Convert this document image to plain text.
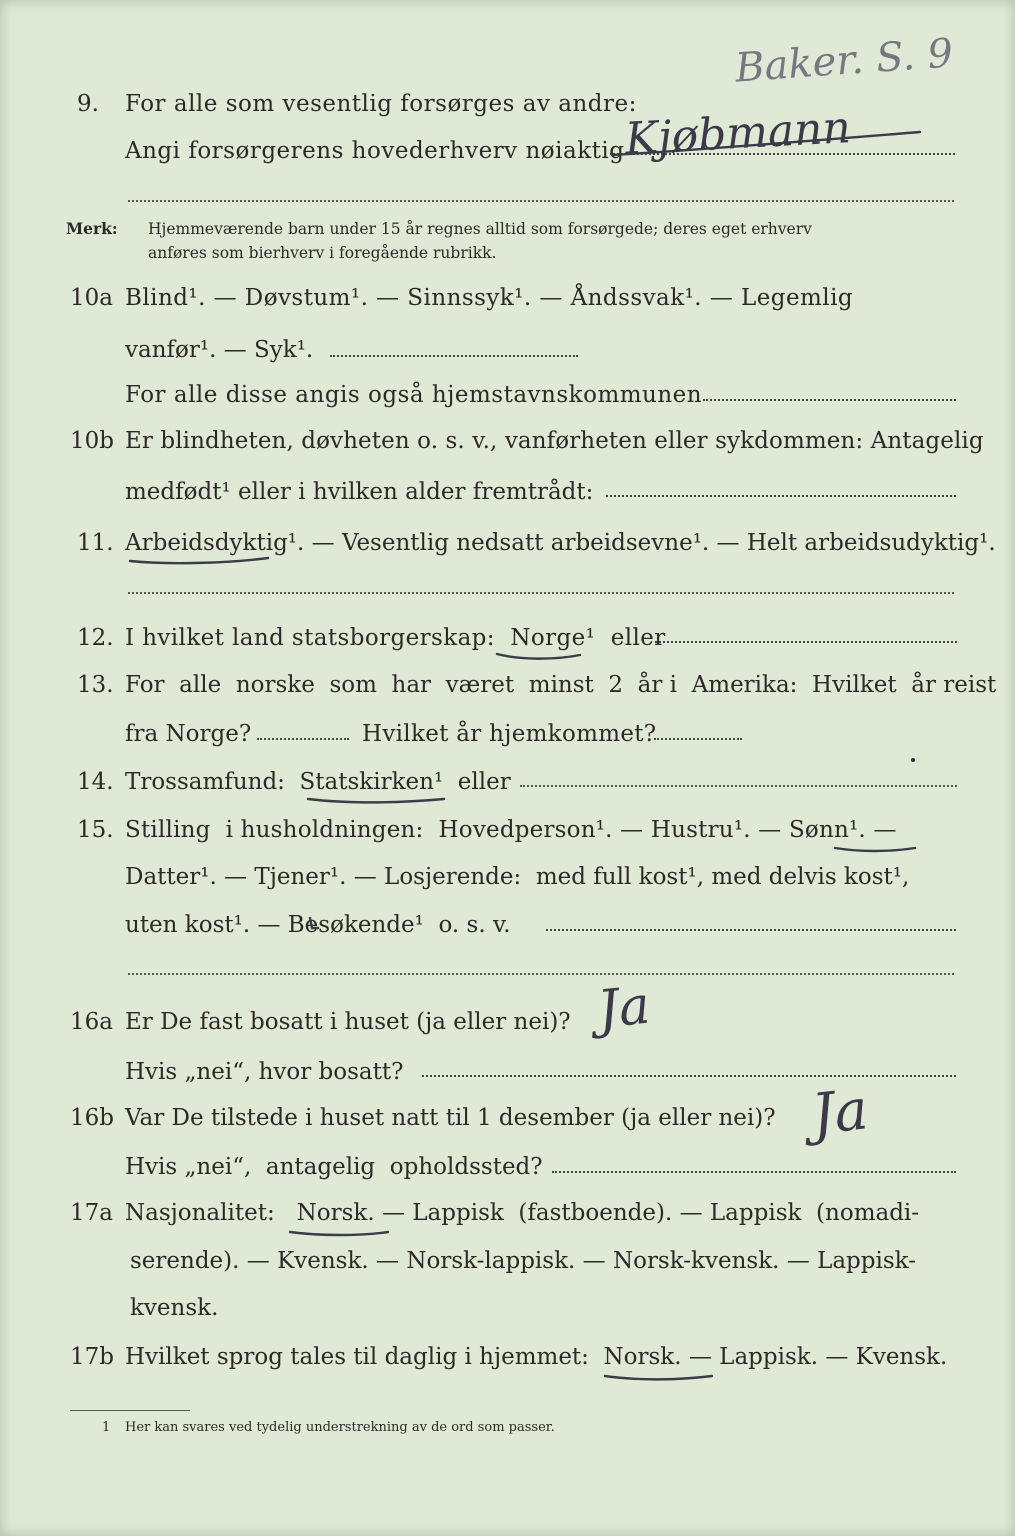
Baker. S. 9
9. For alle som vesentlig forsørges av andre:
Angi forsørgerens hovederhverv nøiaktig Kjøbmann
Merk: Hjemmeværende barn under 15 år regnes alltid som forsørgede; deres eget erhverv
anføres som bierhverv i foregående rubrikk.
10a Blind¹. — Døvstum¹. — Sinnssyk¹. — Åndssvak¹. — Legemlig
vanfør¹. — Syk¹.
For alle disse angis også hjemstavnskommunen
10b Er blindheten, døvheten o. s. v., vanførheten eller sykdommen: Antagelig
medfødt¹ eller i hvilken alder fremtrådt:
11. Arbeidsdyktig¹. — Vesentlig nedsatt arbeidsevne¹. — Helt arbeidsudyktig¹.
12. I hvilket land statsborgerskap:  Norge¹  eller
13. For  alle  norske  som  har  været  minst  2  år i  Amerika:  Hvilket  år reist
fra Norge?	Hvilket år hjemkommet?
14. Trossamfund:  Statskirken¹  eller
15. Stilling  i husholdningen:  Hovedperson¹. — Hustru¹. — Sønn¹. —
Datter¹. — Tjener¹. — Losjerende:  med full kost¹, med delvis kost¹,
uten kost¹. — Besøkende¹  o. s. v.
16a Er De fast bosatt i huset (ja eller nei)? Ja
Hvis „nei“, hvor bosatt?
16b Var De tilstede i huset natt til 1 desember (ja eller nei)? Ja
Hvis „nei“,  antagelig  opholdssted?
17a Nasjonalitet:   Norsk. — Lappisk  (fastboende). — Lappisk  (nomadi-
serende). — Kvensk. — Norsk-lappisk. — Norsk-kvensk. — Lappisk-
kvensk.
17b Hvilket sprog tales til daglig i hjemmet:  Norsk. — Lappisk. — Kvensk.
1 Her kan svares ved tydelig understrekning av de ord som passer.
